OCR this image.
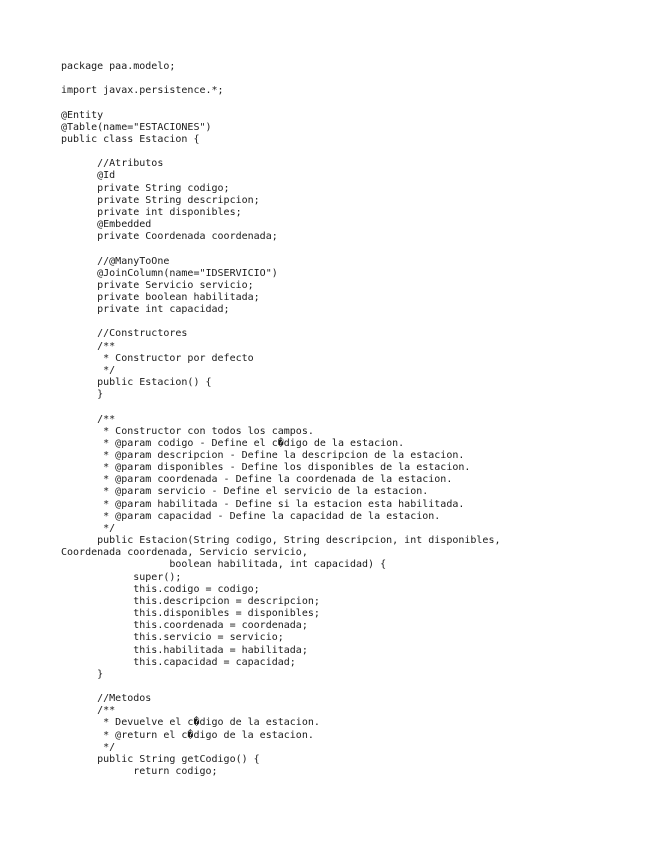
package paa.modelo;
import javax.persistence.*;
@Entity
@Table(name="ESTACIONES")
public class Estacion {
//Atributos
@Id
private String codigo;
private String descripcion;
private int disponibles;
@Embedded
private Coordenada coordenada;
//@ManyToOne
@JoinColumn(name="IDSERVICIO")
private Servicio servicio;
private boolean habilitada;
private int capacidad;
//Constructores
/**
* Constructor por defecto
*/
public Estacion() {
}
/**
* Constructor con todos los campos.
* @param codigo - Define el c�digo de la estacion.
* @param descripcion - Define la descripcion de la estacion.
* @param disponibles - Define los disponibles de la estacion.
* @param coordenada - Define la coordenada de la estacion.
* @param servicio - Define el servicio de la estacion.
* @param habilitada - Define si la estacion esta habilitada.
* @param capacidad - Define la capacidad de la estacion.
*/
public Estacion(String codigo, String descripcion, int disponibles,
Coordenada coordenada, Servicio servicio,
boolean habilitada, int capacidad) {
super();
this.codigo = codigo;
this.descripcion = descripcion;
this.disponibles = disponibles;
this.coordenada = coordenada;
this.servicio = servicio;
this.habilitada = habilitada;
this.capacidad = capacidad;
}
//Metodos
/**
* Devuelve el c�digo de la estacion.
* @return el c�digo de la estacion.
*/
public String getCodigo() {
return codigo;
